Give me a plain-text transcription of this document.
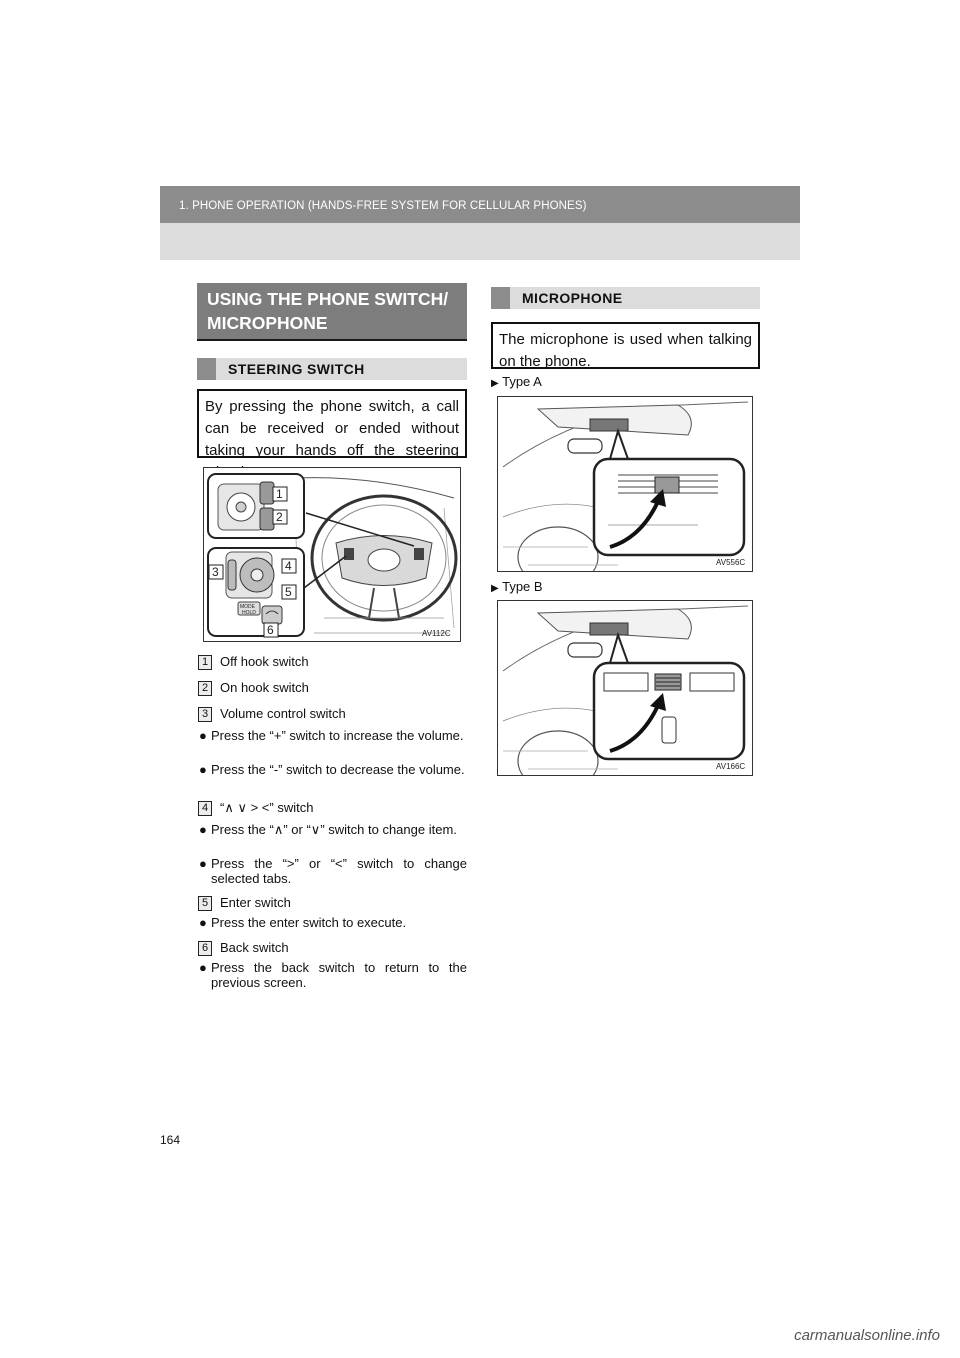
1. PHONE OPERATION (HANDS-FREE SYSTEM FOR CELLULAR PHONES)
USING THE PHONE SWITCH/ MICROPHONE
STEERING SWITCH
By pressing the phone switch, a call can be received or ended without taking your hands off the steering
MODE
HOLD
1
2
3	4
5
6	AV112C
1 Off hook switch
2 On hook switch
3 Volume control switch
● Press the “+” switch to increase the volume.
● Press the “-” switch to decrease the volume.
4 “∧ ∨ > <” switch
● Press the “∧” or “∨” switch to change item.
● Press the “>” or “<” switch to change selected tabs.
5 Enter switch
● Press the enter switch to execute.
6 Back switch
● Press the back switch to return to the previous screen.
MICROPHONE
The microphone is used when talking on the phone.
▶ Type A
AV556C
▶ Type B
AV166C
164
carmanualsonline.info
